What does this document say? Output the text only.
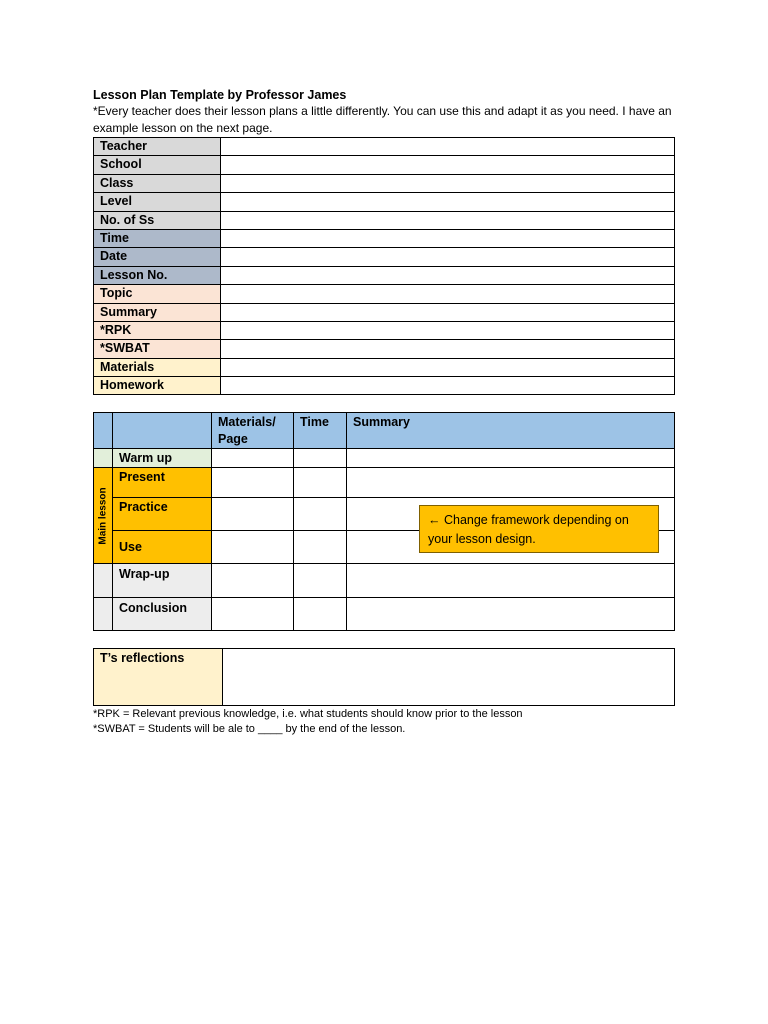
Lesson Plan Template by Professor James

*Every teacher does their lesson plans a little differently. You can use this and adapt it as you need. I have an example lesson on the next page.

Teacher	
School	
Class	
Level	
No. of Ss	
Time	
Date	
Lesson No.	
Topic	
Summary	
*RPK	
*SWBAT	
Materials	
Homework	
		Materials/ Page	Time	Summary
	Warm up			

Main lesson	Present			
	Practice			
	Use			
	Wrap-up			
	Conclusion			
← Change framework depending on your lesson design.
T’s reflections	

*RPK = Relevant previous knowledge, i.e. what students should know prior to the lesson

*SWBAT = Students will be ale to ____ by the end of the lesson.
